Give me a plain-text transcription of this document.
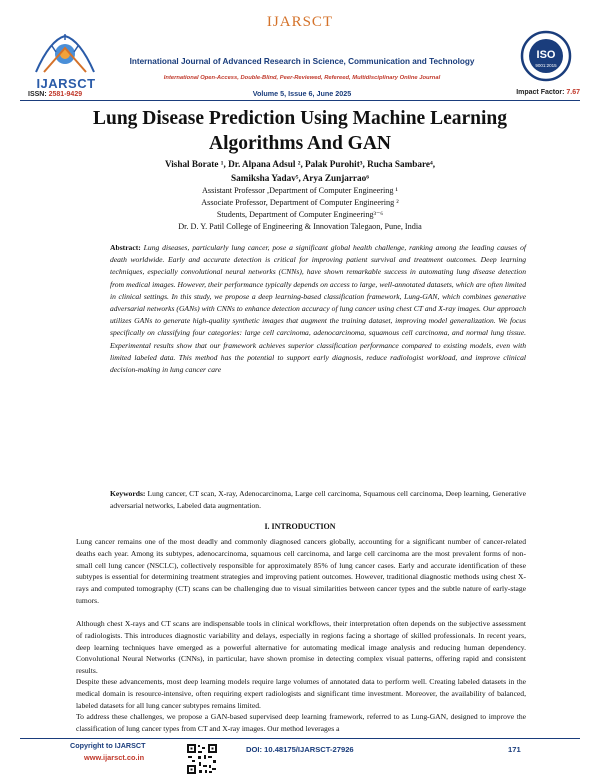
IJARSCT
IJARSCT
ISSN: 2581-9429
International Journal of Advanced Research in Science, Communication and Technology
International Open-Access, Double-Blind, Peer-Reviewed, Refereed, Multidisciplinary Online Journal
Volume 5, Issue 6, June 2025	Impact Factor: 7.67
ISO
9001:2015
Lung Disease Prediction Using Machine Learning
Algorithms And GAN
Vishal Borate ¹, Dr. Alpana Adsul ², Palak Purohit³, Rucha Sambare⁴,
Samiksha Yadav⁵, Arya Zunjarrao⁶
Assistant Professor ,Department of Computer Engineering ¹
Associate Professor, Department of Computer Engineering ²
Students, Department of Computer Engineering³⁻⁶
Dr. D. Y. Patil College of Engineering & Innovation Talegaon, Pune, India
Abstract: Lung diseases, particularly lung cancer, pose a significant global health challenge, ranking among the leading causes of death worldwide. Early and accurate detection is critical for improving patient survival and treatment outcomes. Deep learning techniques, especially convolutional neural networks (CNNs), have shown remarkable success in automating lung disease detection from medical images. However, their performance typically depends on access to large, well-annotated datasets, which are often limited in clinical settings. In this study, we propose a deep learning-based classification framework, Lung-GAN, which combines generative adversarial networks (GANs) with CNNs to enhance detection accuracy of lung cancer using chest CT and X-ray images. Our approach utilizes GANs to generate high-quality synthetic images that augment the training dataset, improving model generalization. We focus specifically on classifying four categories: large cell carcinoma, adenocarcinoma, squamous cell carcinoma, and normal lung tissue. Experimental results show that our framework achieves superior classification performance compared to existing models, even with limited labeled data. This method has the potential to support early diagnosis, reduce radiologist workload, and improve clinical decision-making in lung cancer care
Keywords: Lung cancer, CT scan, X-ray, Adenocarcinoma, Large cell carcinoma, Squamous cell carcinoma, Deep learning, Generative adversarial networks, Labeled data augmentation.
I. INTRODUCTION

Lung cancer remains one of the most deadly and commonly diagnosed cancers globally, accounting for a significant number of cancer-related deaths each year. Among its subtypes, adenocarcinoma, squamous cell carcinoma, and large cell carcinoma are the most prevalent forms of non-small cell lung cancer (NSCLC), collectively responsible for approximately 85% of lung cancer cases. Early and accurate identification of these subtypes is essential for determining treatment strategies and improving patient outcomes. However, traditional diagnostic methods using chest X-rays and computed tomography (CT) scans can be challenging due to visual similarities between cancer types and the subtle nature of early-stage tumors.

Although chest X-rays and CT scans are indispensable tools in clinical workflows, their interpretation often depends on the subjective assessment of radiologists. This introduces diagnostic variability and delays, especially in regions facing a shortage of skilled professionals. In recent years, deep learning techniques have emerged as a powerful alternative for automating medical image analysis and reducing human dependency. Convolutional Neural Networks (CNNs), in particular, have shown promise in detecting complex visual patterns, offering rapid and consistent results.

Despite these advancements, most deep learning models require large volumes of annotated data to perform well. Creating labeled datasets in the medical domain is resource-intensive, often requiring expert radiologists and significant time investment. Moreover, the availability of balanced, labeled datasets for all lung cancer subtypes remains limited.

To address these challenges, we propose a GAN-based supervised deep learning framework, referred to as Lung-GAN, designed to improve the classification of lung cancer types from CT and X-ray images. Our method leverages a

Copyright to IJARSCT
www.ijarsct.co.in
DOI: 10.48175/IJARSCT-27926	171
